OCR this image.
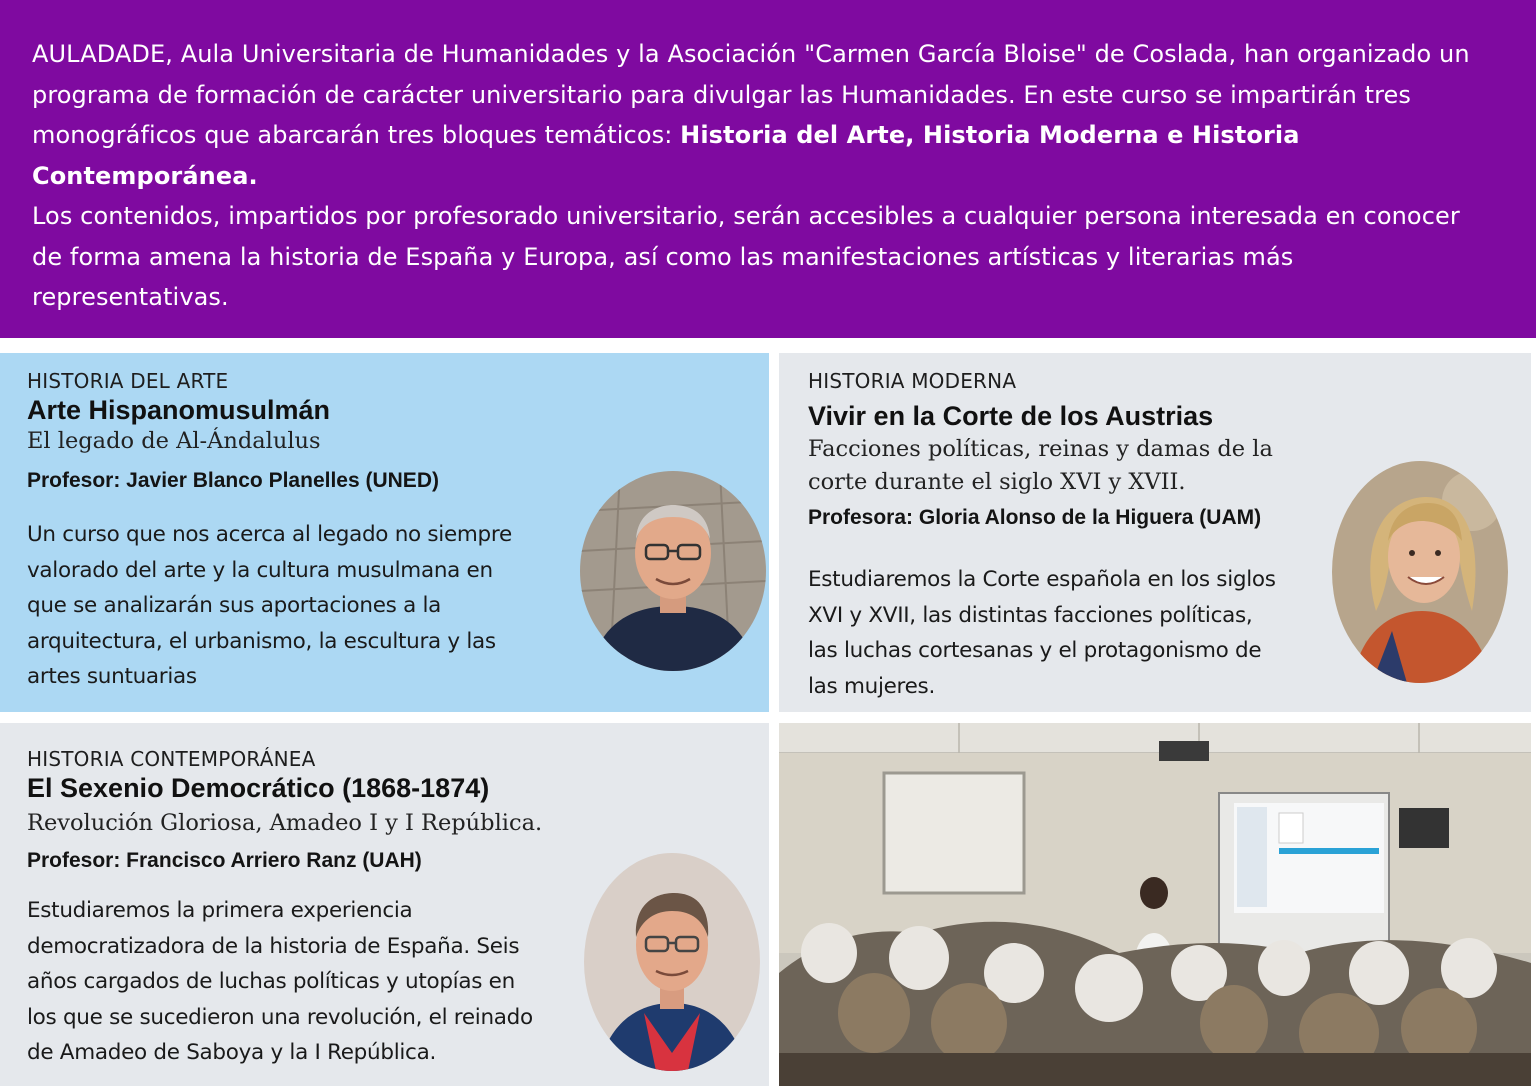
AULADADE, Aula Universitaria de Humanidades y la Asociación "Carmen García Bloise" de Coslada, han organizado un programa de formación de carácter universitario para divulgar las Humanidades. En este curso se impartirán tres monográficos que abarcarán tres bloques temáticos: Historia del Arte, Historia Moderna e Historia Contemporánea.
Los contenidos, impartidos por profesorado universitario, serán accesibles a cualquier persona interesada en conocer de forma amena la historia de España y Europa, así como las manifestaciones artísticas y literarias más representativas.
HISTORIA DEL ARTE
Arte Hispanomusulmán
El legado de Al-Ándalulus
Profesor: Javier Blanco Planelles (UNED)
Un curso que nos acerca al legado no siempre
valorado del arte y la cultura musulmana en
que se analizarán sus aportaciones a la
arquitectura, el urbanismo, la escultura y las
artes suntuarias
HISTORIA MODERNA
Vivir en la Corte de los Austrias
Facciones políticas, reinas y damas de la
corte durante el siglo XVI y XVII.
Profesora: Gloria Alonso de la Higuera (UAM)
Estudiaremos la Corte española en los siglos
XVI y XVII, las distintas facciones políticas,
las luchas cortesanas y el protagonismo de
las mujeres.
HISTORIA CONTEMPORÁNEA
El Sexenio Democrático (1868-1874)
Revolución Gloriosa, Amadeo I y I República.
Profesor: Francisco Arriero Ranz (UAH)
Estudiaremos la primera experiencia
democratizadora de la historia de España. Seis
años cargados de luchas políticas y utopías en
los que se sucedieron una revolución, el reinado
de Amadeo de Saboya y la I República.
